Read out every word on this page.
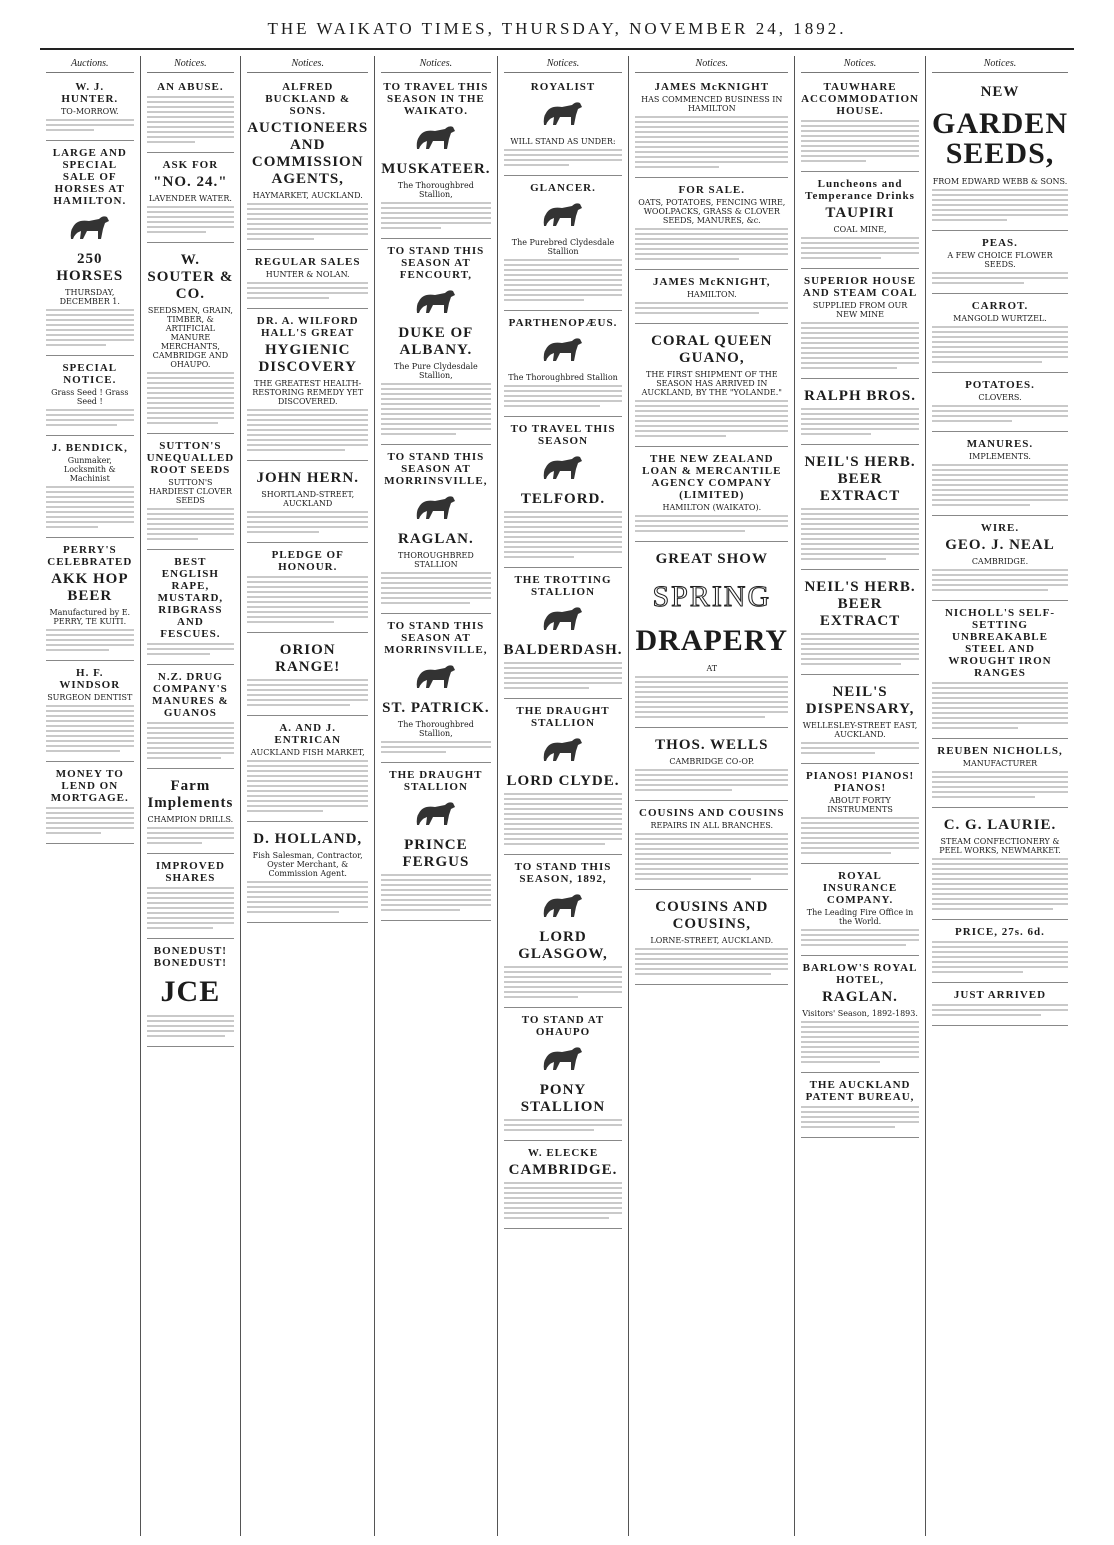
THE WAIKATO TIMES, THURSDAY, NOVEMBER 24, 1892.
Auctions.
W. J. HUNTER.
TO-MORROW.
LARGE AND SPECIAL SALE OF HORSES AT HAMILTON.
250 HORSES
THURSDAY, DECEMBER 1.
SPECIAL NOTICE.
Grass Seed ! Grass Seed !
J. BENDICK,
Gunmaker, Locksmith & Machinist
PERRY'S CELEBRATED
AKK HOP BEER
Manufactured by E. PERRY, TE KUITI.
H. F. WINDSOR
SURGEON DENTIST
MONEY TO LEND ON MORTGAGE.
Notices.
AN ABUSE.
ASK FOR
"NO. 24."
LAVENDER WATER.
W. SOUTER & CO.
SEEDSMEN, GRAIN, TIMBER, & ARTIFICIAL MANURE MERCHANTS, CAMBRIDGE AND OHAUPO.
SUTTON'S UNEQUALLED ROOT SEEDS
SUTTON'S HARDIEST CLOVER SEEDS
BEST ENGLISH RAPE, MUSTARD, RIBGRASS AND FESCUES.
N.Z. DRUG COMPANY'S MANURES & GUANOS
Farm Implements
CHAMPION DRILLS.
IMPROVED SHARES
BONEDUST! BONEDUST!
JCE
Notices.
ALFRED BUCKLAND & SONS.
AUCTIONEERS AND COMMISSION AGENTS,
HAYMARKET, AUCKLAND.
REGULAR SALES
HUNTER & NOLAN.
DR. A. WILFORD HALL'S GREAT
HYGIENIC DISCOVERY
THE GREATEST HEALTH-RESTORING REMEDY YET DISCOVERED.
JOHN HERN.
SHORTLAND-STREET, AUCKLAND
PLEDGE OF HONOUR.
ORION RANGE!
A. AND J. ENTRICAN
AUCKLAND FISH MARKET,
D. HOLLAND,
Fish Salesman, Contractor, Oyster Merchant, & Commission Agent.
Notices.
TO TRAVEL THIS SEASON IN THE WAIKATO.
MUSKATEER.
The Thoroughbred Stallion,
TO STAND THIS SEASON AT FENCOURT,
DUKE OF ALBANY.
The Pure Clydesdale Stallion,
TO STAND THIS SEASON AT MORRINSVILLE,
RAGLAN.
THOROUGHBRED STALLION
TO STAND THIS SEASON AT MORRINSVILLE,
ST. PATRICK.
The Thoroughbred Stallion,
THE DRAUGHT STALLION
PRINCE FERGUS
Notices.
ROYALIST
WILL STAND AS UNDER:
GLANCER.
The Purebred Clydesdale Stallion
PARTHENOPÆUS.
The Thoroughbred Stallion
TO TRAVEL THIS SEASON
TELFORD.
THE TROTTING STALLION
BALDERDASH.
THE DRAUGHT STALLION
LORD CLYDE.
TO STAND THIS SEASON, 1892,
LORD GLASGOW,
TO STAND AT OHAUPO
PONY STALLION
W. ELECKE
CAMBRIDGE.
Notices.
JAMES McKNIGHT
HAS COMMENCED BUSINESS IN HAMILTON
FOR SALE.
OATS, POTATOES, FENCING WIRE, WOOLPACKS, GRASS & CLOVER SEEDS, MANURES, &c.
JAMES McKNIGHT,
HAMILTON.
CORAL QUEEN GUANO,
THE FIRST SHIPMENT OF THE SEASON HAS ARRIVED IN AUCKLAND, BY THE "YOLANDE."
THE NEW ZEALAND LOAN & MERCANTILE AGENCY COMPANY (LIMITED)
HAMILTON (WAIKATO).
GREAT SHOW
SPRING
DRAPERY
AT
THOS. WELLS
CAMBRIDGE CO-OP.
COUSINS AND COUSINS
REPAIRS IN ALL BRANCHES.
COUSINS AND COUSINS,
LORNE-STREET, AUCKLAND.
Notices.
TAUWHARE ACCOMMODATION HOUSE.
Luncheons and Temperance Drinks
TAUPIRI
COAL MINE,
SUPERIOR HOUSE AND STEAM COAL
SUPPLIED FROM OUR NEW MINE
RALPH BROS.
NEIL'S HERB. BEER EXTRACT
NEIL'S HERB. BEER EXTRACT
NEIL'S DISPENSARY,
WELLESLEY-STREET EAST, AUCKLAND.
PIANOS! PIANOS! PIANOS!
ABOUT FORTY INSTRUMENTS
ROYAL INSURANCE COMPANY.
The Leading Fire Office in the World.
BARLOW'S ROYAL HOTEL,
RAGLAN.
Visitors' Season, 1892-1893.
THE AUCKLAND PATENT BUREAU,
Notices.
NEW
GARDEN SEEDS,
FROM EDWARD WEBB & SONS.
PEAS.
A FEW CHOICE FLOWER SEEDS.
CARROT.
MANGOLD WURTZEL.
POTATOES.
CLOVERS.
MANURES.
IMPLEMENTS.
WIRE.
GEO. J. NEAL
CAMBRIDGE.
NICHOLL'S SELF-SETTING UNBREAKABLE STEEL AND WROUGHT IRON RANGES
REUBEN NICHOLLS,
MANUFACTURER
C. G. LAURIE.
STEAM CONFECTIONERY & PEEL WORKS, NEWMARKET.
PRICE, 27s. 6d.
JUST ARRIVED
